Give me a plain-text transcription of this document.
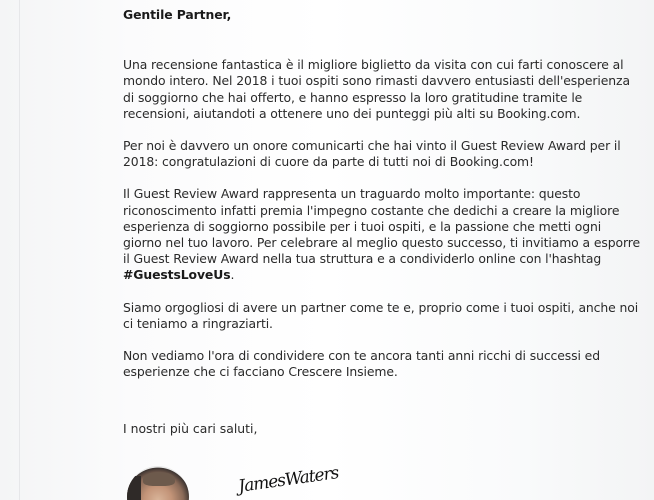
Gentile Partner,

Una recensione fantastica è il migliore biglietto da visita con cui farti conoscere al mondo intero. Nel 2018 i tuoi ospiti sono rimasti davvero entusiasti dell'esperienza di soggiorno che hai offerto, e hanno espresso la loro gratitudine tramite le recensioni, aiutandoti a ottenere uno dei punteggi più alti su Booking.com.

Per noi è davvero un onore comunicarti che hai vinto il Guest Review Award per il 2018: congratulazioni di cuore da parte di tutti noi di Booking.com!

Il Guest Review Award rappresenta un traguardo molto importante: questo riconoscimento infatti premia l'impegno costante che dedichi a creare la migliore esperienza di soggiorno possibile per i tuoi ospiti, e la passione che metti ogni giorno nel tuo lavoro. Per celebrare al meglio questo successo, ti invitiamo a esporre il Guest Review Award nella tua struttura e a condividerlo online con l'hashtag #GuestsLoveUs.

Siamo orgogliosi di avere un partner come te e, proprio come i tuoi ospiti, anche noi ci teniamo a ringraziarti.

Non vediamo l'ora di condividere con te ancora tanti anni ricchi di successi ed esperienze che ci facciano Crescere Insieme.

I nostri più cari saluti,
JamesWaters
